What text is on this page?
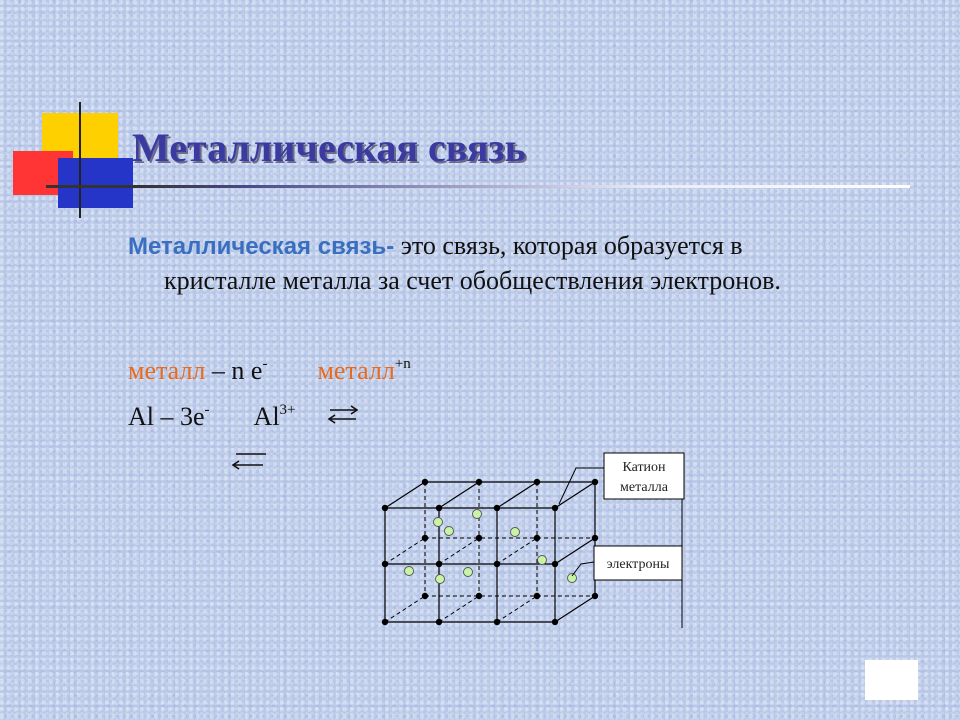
Металлическая связь

Металлическая связь- это связь, которая образуется в
кристалле металла за счет обобществления электронов.

металл – n e- металл$^{+n}$
Al – 3e- $Al^{3+}$
Катион
металла
электроны
